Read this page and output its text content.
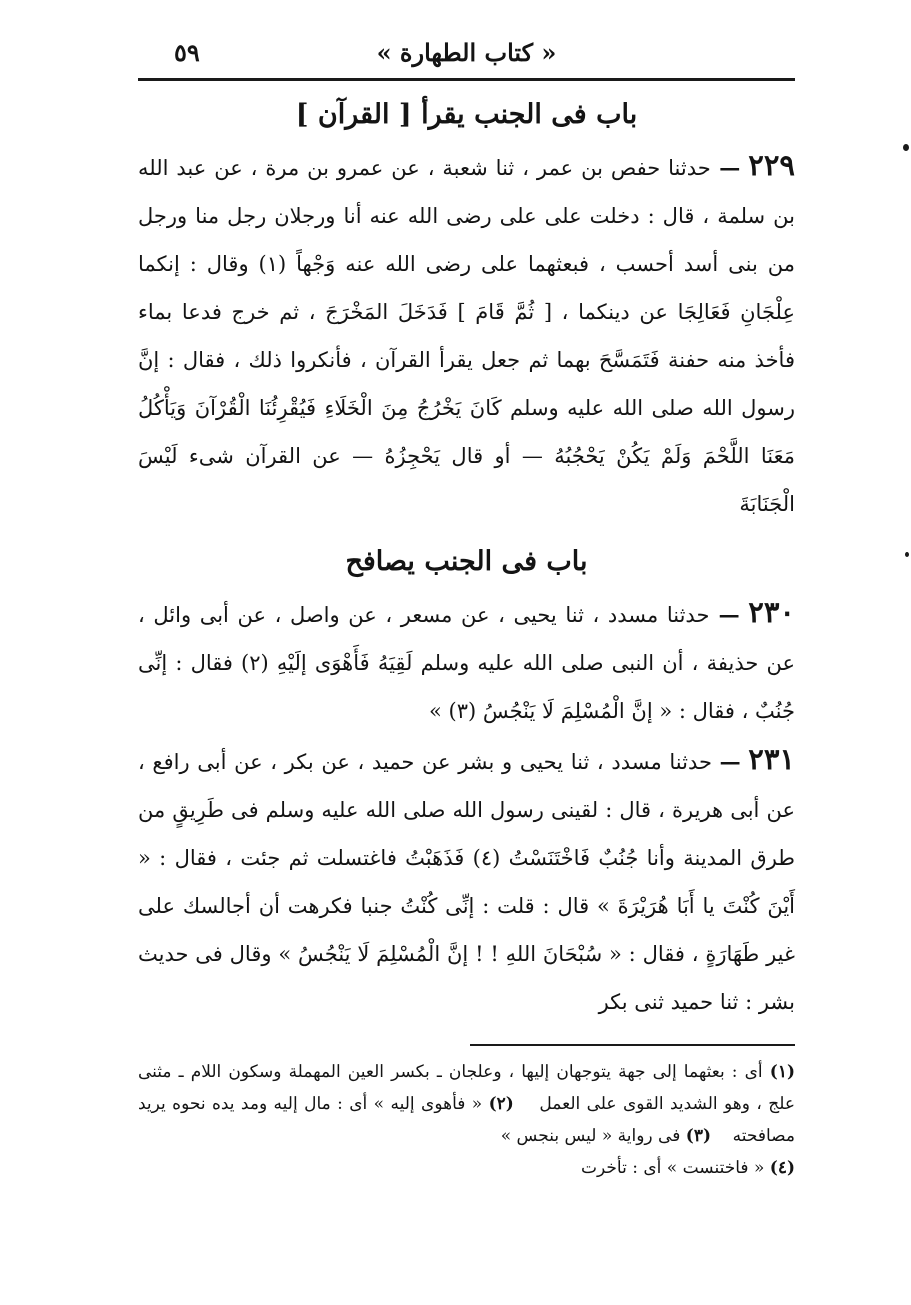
« كتاب الطهارة »
٥٩
باب فى الجنب يقرأ [ القرآن ]

٢٢٩ — حدثنا حفص بن عمر ، ثنا شعبة ، عن عمرو بن مرة ، عن عبد الله بن سلمة ، قال : دخلت على على رضى الله عنه أنا ورجلان رجل منا ورجل من بنى أسد أحسب ، فبعثهما على رضى الله عنه وَجْهاً (١) وقال : إنكما عِلْجَانِ فَعَالِجَا عن دينكما ، [ ثُمَّ قَامَ ] فَدَخَلَ المَخْرَجَ ، ثم خرج فدعا بماء فأخذ منه حفنة فَتَمَسَّحَ بهما ثم جعل يقرأ القرآن ، فأنكروا ذلك ، فقال : إنَّ رسول الله صلى الله عليه وسلم كَانَ يَخْرُجُ مِنَ الْخَلَاءِ فَيُقْرِئُنَا الْقُرْآنَ وَيَأْكُلُ مَعَنَا اللَّحْمَ وَلَمْ يَكُنْ يَحْجُبُهُ — أو قال يَحْجِزُهُ — عن القرآن شىء لَيْسَ الْجَنَابَةَ

باب فى الجنب يصافح

٢٣٠ — حدثنا مسدد ، ثنا يحيى ، عن مسعر ، عن واصل ، عن أبى وائل ، عن حذيفة ، أن النبى صلى الله عليه وسلم لَقِيَهُ فَأَهْوَى إلَيْهِ (٢) فقال : إنِّى جُنُبٌ ، فقال : « إنَّ الْمُسْلِمَ لَا يَنْجُسُ (٣) »

٢٣١ — حدثنا مسدد ، ثنا يحيى و بشر عن حميد ، عن بكر ، عن أبى رافع ، عن أبى هريرة ، قال : لقينى رسول الله صلى الله عليه وسلم فى طَرِيقٍ من طرق المدينة وأنا جُنُبٌ فَاخْتَنَسْتُ (٤) فَذَهَبْتُ فاغتسلت ثم جئت ، فقال : « أَيْنَ كُنْتَ يا أَبَا هُرَيْرَةَ » قال : قلت : إنِّى كُنْتُ جنبا فكرهت أن أجالسك على غير طَهَارَةٍ ، فقال : « سُبْحَانَ اللهِ ! ! إنَّ الْمُسْلِمَ لَا يَنْجُسُ » وقال فى حديث بشر : ثنا حميد ثنى بكر

(١) أى : بعثهما إلى جهة يتوجهان إليها ، وعلجان ـ بكسر العين المهملة وسكون اللام ـ مثنى علج ، وهو الشديد القوى على العمل    (٢) « فأهوى إليه » أى : مال إليه ومد يده نحوه يريد مصافحته    (٣) فى رواية « ليس بنجس »

(٤) « فاختنست » أى : تأخرت
